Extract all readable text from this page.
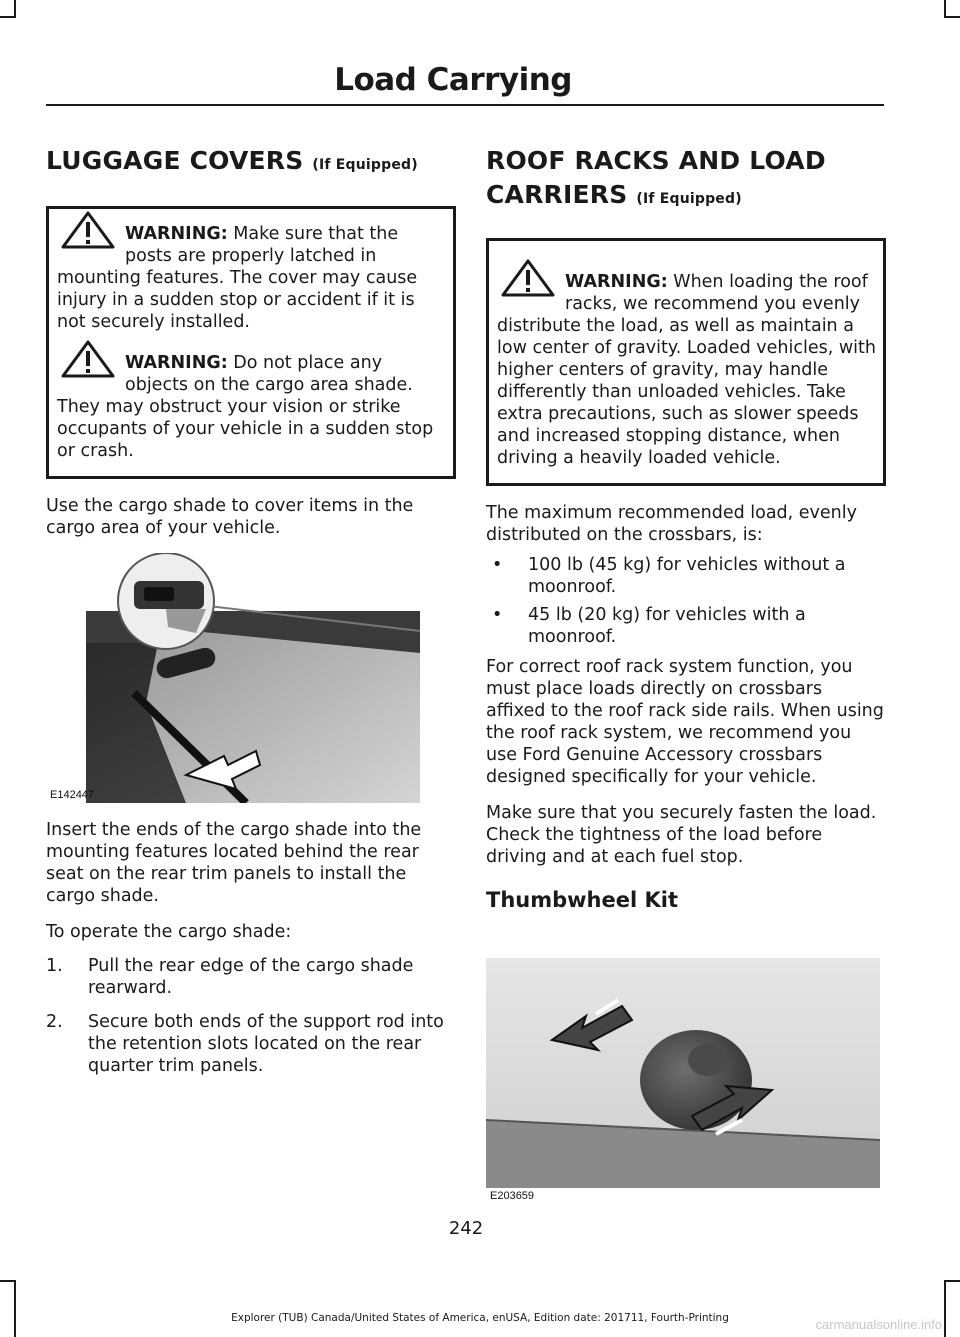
Load Carrying
LUGGAGE COVERS (If Equipped)

WARNING: Make sure that the posts are properly latched in mounting features. The cover may cause injury in a sudden stop or accident if it is not securely installed.

WARNING: Do not place any objects on the cargo area shade. They may obstruct your vision or strike occupants of your vehicle in a sudden stop or crash.

Use the cargo shade to cover items in the cargo area of your vehicle.

E142447

Insert the ends of the cargo shade into the mounting features located behind the rear seat on the rear trim panels to install the cargo shade.

To operate the cargo shade:

1. Pull the rear edge of the cargo shade rearward.
2. Secure both ends of the support rod into the retention slots located on the rear quarter trim panels.
ROOF RACKS AND LOAD
CARRIERS (If Equipped)

WARNING: When loading the roof racks, we recommend you evenly distribute the load, as well as maintain a low center of gravity. Loaded vehicles, with higher centers of gravity, may handle differently than unloaded vehicles. Take extra precautions, such as slower speeds and increased stopping distance, when driving a heavily loaded vehicle.

The maximum recommended load, evenly distributed on the crossbars, is:

• 100 lb (45 kg) for vehicles without a moonroof.
• 45 lb (20 kg) for vehicles with a moonroof.

For correct roof rack system function, you must place loads directly on crossbars affixed to the roof rack side rails. When using the roof rack system, we recommend you use Ford Genuine Accessory crossbars designed specifically for your vehicle.

Make sure that you securely fasten the load. Check the tightness of the load before driving and at each fuel stop.

Thumbwheel Kit
E203659
242
Explorer (TUB) Canada/United States of America, enUSA, Edition date: 201711, Fourth-Printing	carmanualsonline.info
